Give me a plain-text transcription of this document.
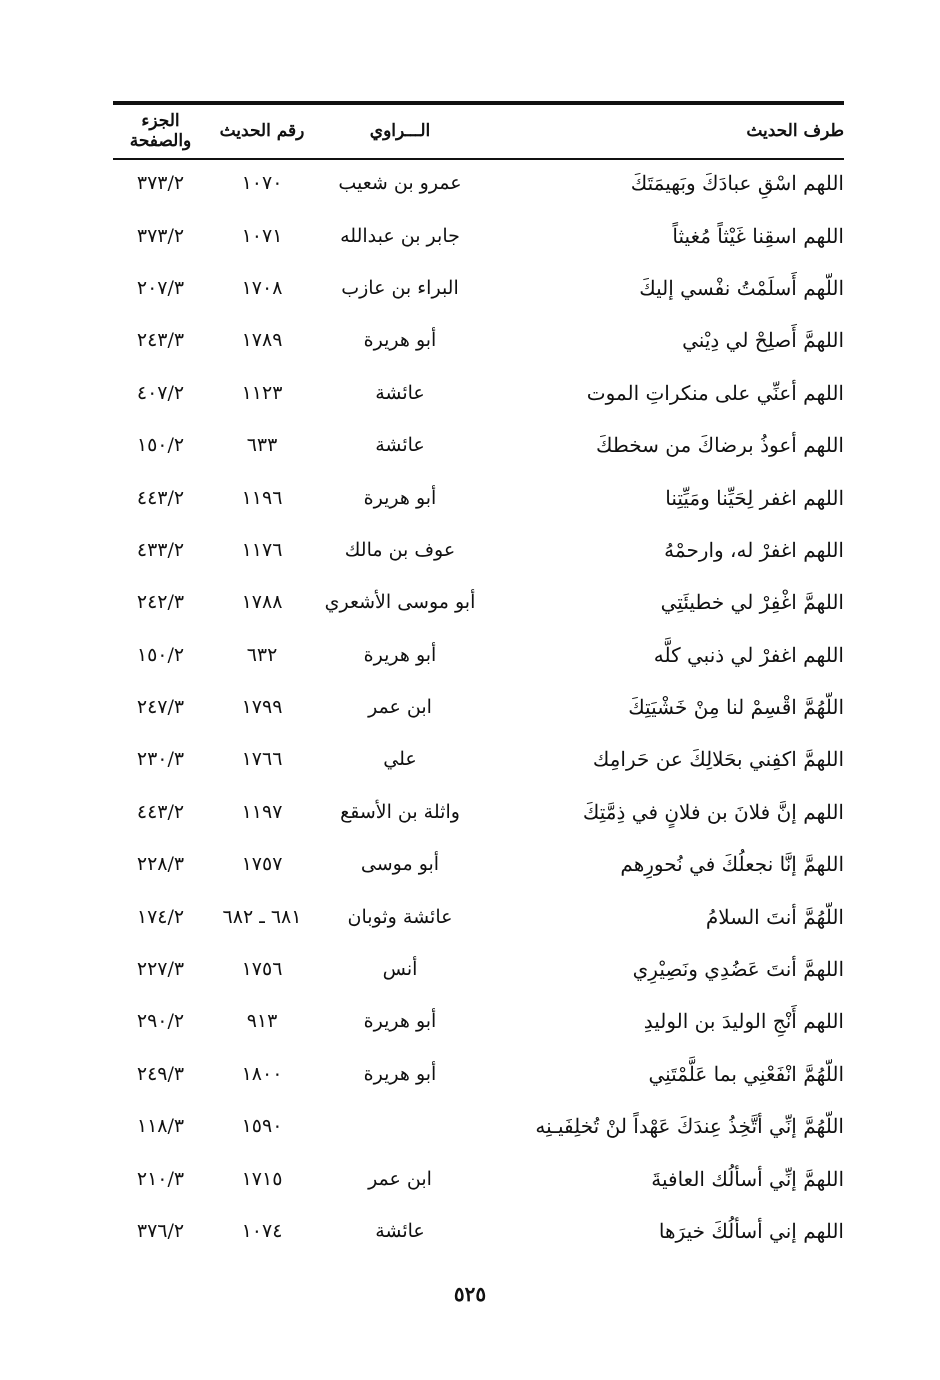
طرف الحديث	الـــراوي	رقم الحديث	الجزء والصفحة
اللهم اسْقِ عبادَكَ وبَهيمَتَكَ	عمرو بن شعيب	١٠٧٠	٣٧٣/٢
اللهم اسقِنا غَيْثاً مُغيثاً	جابر بن عبدالله	١٠٧١	٣٧٣/٢
اللّهم أَسلَمْتُ نفْسي إليكَ	البراء بن عازب	١٧٠٨	٢٠٧/٣
اللهمَّ أَصلِحْ لي دِيْني	أبو هريرة	١٧٨٩	٢٤٣/٣
اللهم أعنِّي على منكراتِ الموت	عائشة	١١٢٣	٤٠٧/٢
اللهم أعوذُ برضاكَ من سخطكَ	عائشة	٦٣٣	١٥٠/٢
اللهم اغفر لِحَيِّنا ومَيِّتِنا	أبو هريرة	١١٩٦	٤٤٣/٢
اللهم اغفرْ له، وارحمْهُ	عوف بن مالك	١١٧٦	٤٣٣/٢
اللهمَّ اغْفِرْ لي خطيئَتِي	أبو موسى الأشعري	١٧٨٨	٢٤٢/٣
اللهم اغفرْ لي ذنبي كلَّه	أبو هريرة	٦٣٢	١٥٠/٢
اللّهُمَّ اقْسِمْ لنا مِنْ خَشْيَتِكَ	ابن عمر	١٧٩٩	٢٤٧/٣
اللهمَّ اكفِني بحَلالِكَ عن حَرامِك	علي	١٧٦٦	٢٣٠/٣
اللهم إنَّ فلانَ بن فلانٍ في ذِمَّتِكَ	واثلة بن الأسقع	١١٩٧	٤٤٣/٢
اللهمَّ إنَّا نجعلُكَ في نُحورِهم	أبو موسى	١٧٥٧	٢٢٨/٣
اللّهُمَّ أنتَ السلامُ	عائشة وثوبان	٦٨١ ـ ٦٨٢	١٧٤/٢
اللهمَّ أنتَ عَضُدِي ونَصِيْرِي	أنس	١٧٥٦	٢٢٧/٣
اللهم أَنْجِ الوليدَ بن الوليدِ	أبو هريرة	٩١٣	٢٩٠/٢
اللّهُمَّ انْفَعْنِي بما عَلَّمْتَنِي	أبو هريرة	١٨٠٠	٢٤٩/٣
اللّهُمَّ إنِّي أتَّخِذُ عِندَكَ عَهْداً لنْ تُخلِفَيـنِه		١٥٩٠	١١٨/٣
اللهمَّ إنِّي أسألُك العافيةَ	ابن عمر	١٧١٥	٢١٠/٣
اللهم إني أسألُكَ خيرَها	عائشة	١٠٧٤	٣٧٦/٢
٥٢٥
